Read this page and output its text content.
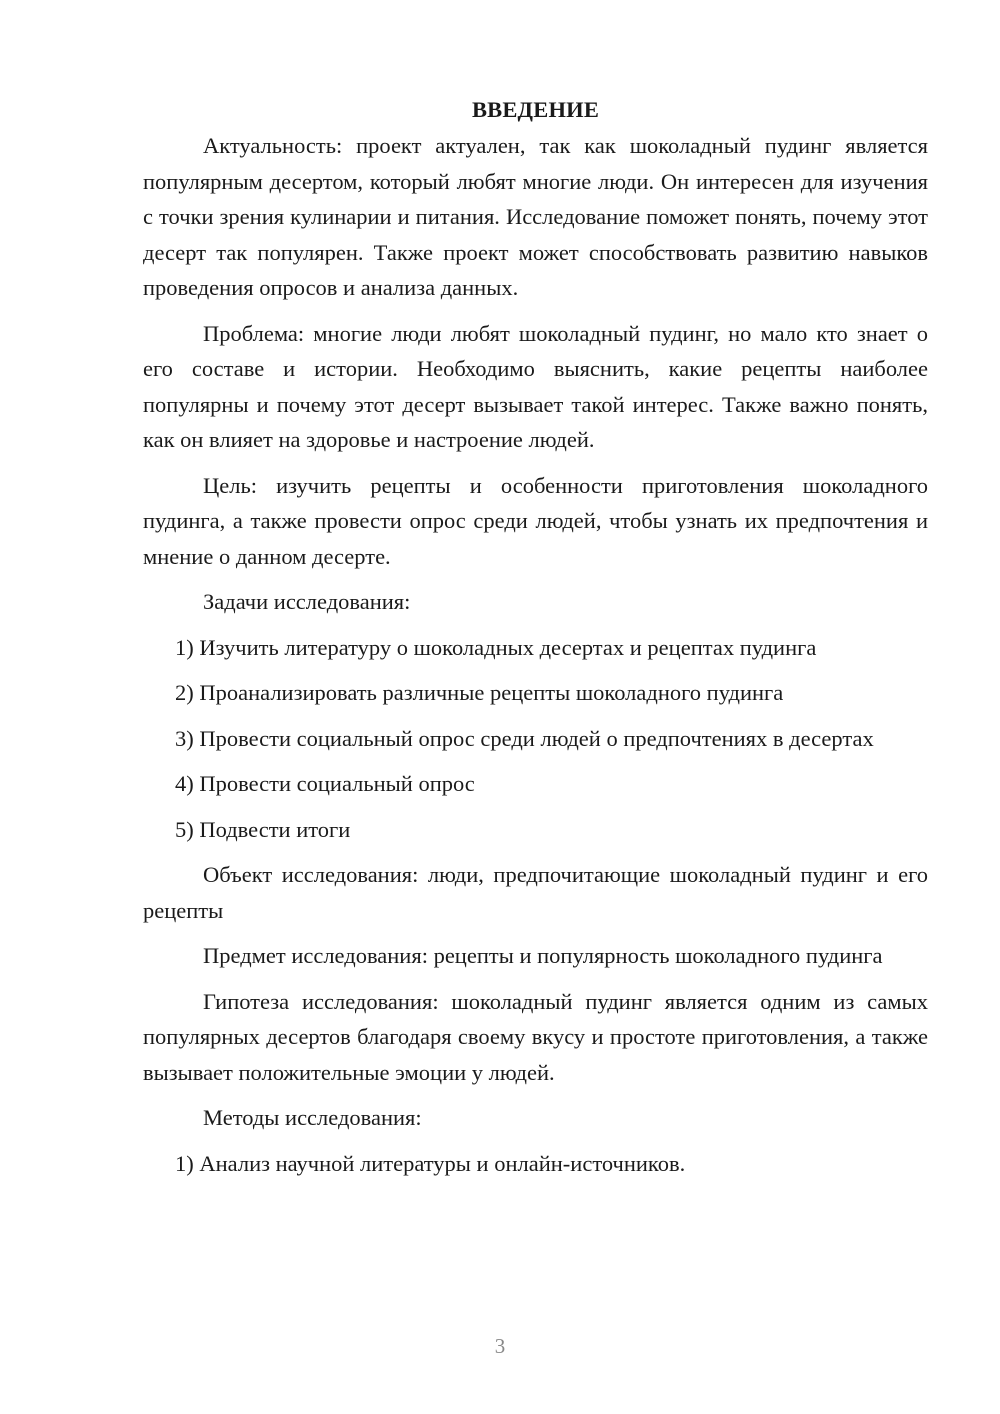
ВВЕДЕНИЕ

Актуальность: проект актуален, так как шоколадный пудинг является популярным десертом, который любят многие люди. Он интересен для изучения с точки зрения кулинарии и питания. Исследование поможет понять, почему этот десерт так популярен. Также проект может способствовать развитию навыков проведения опросов и анализа данных.

Проблема: многие люди любят шоколадный пудинг, но мало кто знает о его составе и истории. Необходимо выяснить, какие рецепты наиболее популярны и почему этот десерт вызывает такой интерес. Также важно понять, как он влияет на здоровье и настроение людей.

Цель: изучить рецепты и особенности приготовления шоколадного пудинга, а также провести опрос среди людей, чтобы узнать их предпочтения и мнение о данном десерте.

Задачи исследования:

1) Изучить литературу о шоколадных десертах и рецептах пудинга

2) Проанализировать различные рецепты шоколадного пудинга

3) Провести социальный опрос среди людей о предпочтениях в десертах

4) Провести социальный опрос

5) Подвести итоги

Объект исследования: люди, предпочитающие шоколадный пудинг и его рецепты

Предмет исследования: рецепты и популярность шоколадного пудинга

Гипотеза исследования: шоколадный пудинг является одним из самых популярных десертов благодаря своему вкусу и простоте приготовления, а также вызывает положительные эмоции у людей.

Методы исследования:

1) Анализ научной литературы и онлайн-источников.

3
